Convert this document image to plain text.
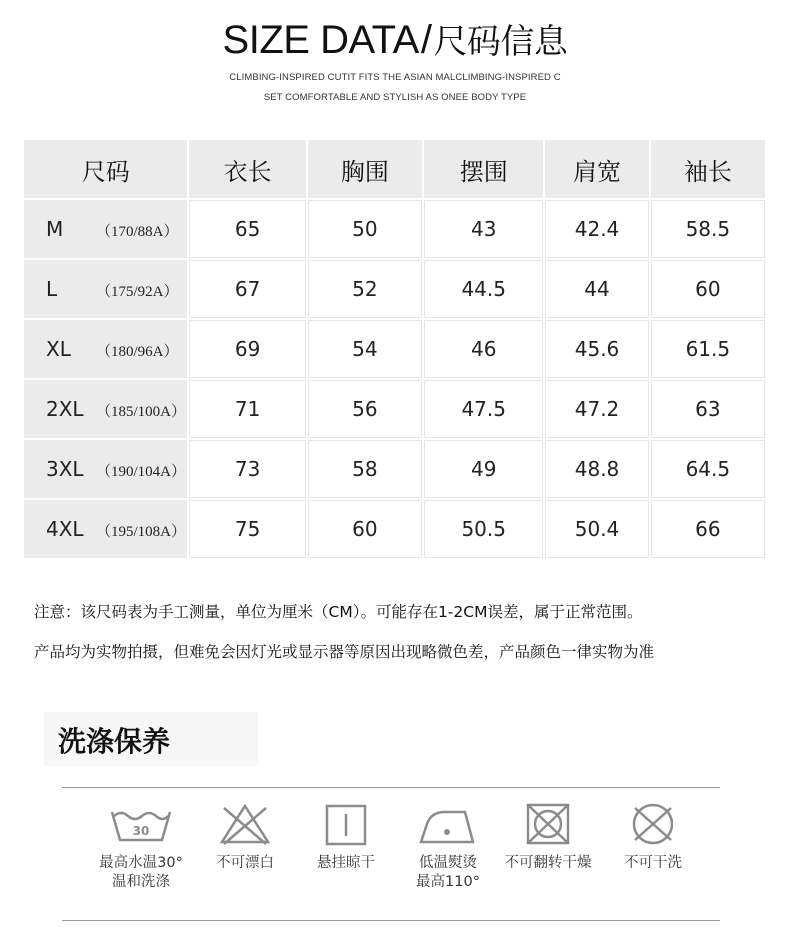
SIZE DATA/尺码信息
CLIMBING-INSPIRED CUTIT FITS THE ASIAN MALCLIMBING-INSPIRED C
SET COMFORTABLE AND STYLISH AS ONEE BODY TYPE
尺码	衣长	胸围	摆围	肩宽	袖长
M （170/88A）	65	50	43	42.4	58.5
L （175/92A）	67	52	44.5	44	60
XL （180/96A）	69	54	46	45.6	61.5
2XL （185/100A）	71	56	47.5	47.2	63
3XL （190/104A）	73	58	49	48.8	64.5
4XL （195/108A）	75	60	50.5	50.4	66
注意：该尺码表为手工测量，单位为厘米（CM）。可能存在1-2CM误差，属于正常范围。
产品均为实物拍摄，但难免会因灯光或显示器等原因出现略微色差，产品颜色一律实物为准
洗涤保养
30
最高水温30°
温和洗涤
不可漂白	悬挂晾干	低温熨烫
最高110°
不可翻转干燥	不可干洗
